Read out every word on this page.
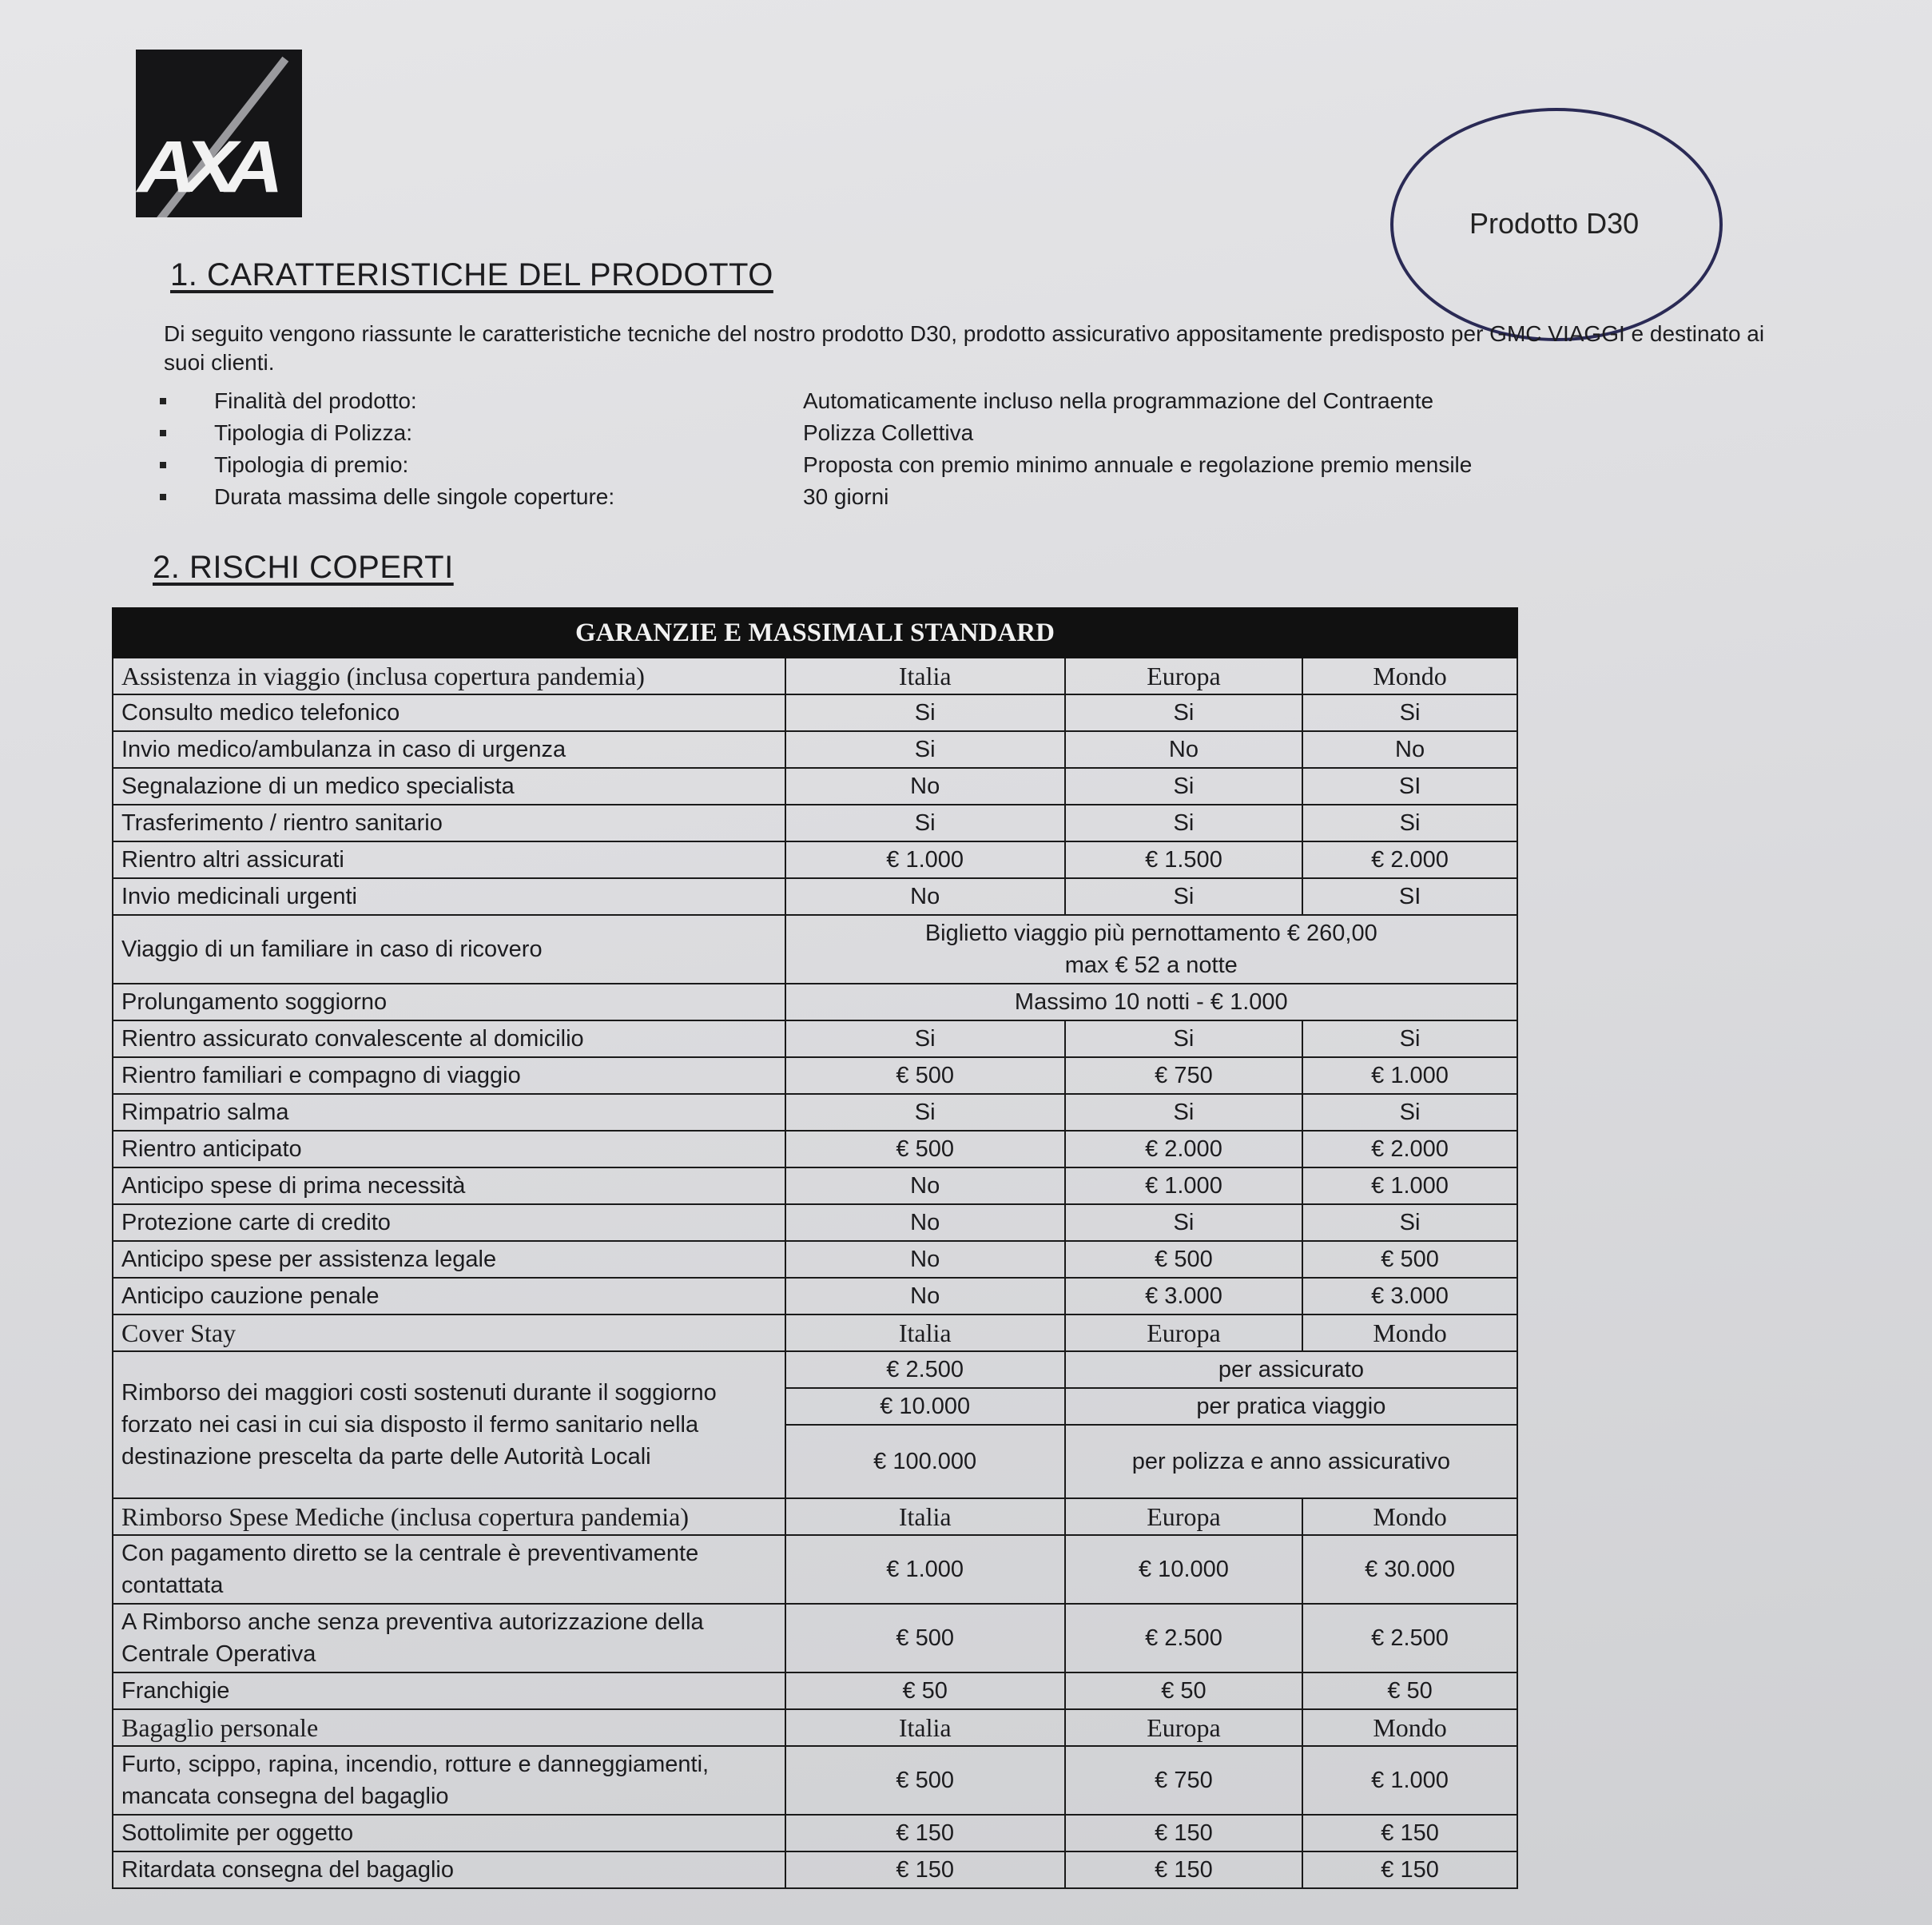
AXA
Prodotto D30
1. CARATTERISTICHE DEL PRODOTTO
Di seguito vengono riassunte le caratteristiche tecniche del nostro prodotto D30, prodotto assicurativo appositamente predisposto per GMC VIAGGI e destinato ai suoi clienti.
Finalità del prodotto:	Automaticamente incluso nella programmazione del Contraente
Tipologia di Polizza:	Polizza Collettiva
Tipologia di premio:	Proposta con premio minimo annuale e regolazione premio mensile
Durata massima delle singole coperture:	30 giorni
2. RISCHI COPERTI
GARANZIE E MASSIMALI STANDARD			
Assistenza in viaggio (inclusa copertura pandemia)	Italia	Europa	Mondo
Consulto medico telefonico	Si	Si	Si
Invio medico/ambulanza in caso di urgenza	Si	No	No
Segnalazione di un medico specialista	No	Si	SI
Trasferimento / rientro sanitario	Si	Si	Si
Rientro altri assicurati	€ 1.000	€ 1.500	€ 2.000
Invio medicinali urgenti	No	Si	SI
Viaggio di un familiare in caso di ricovero	Biglietto viaggio più pernottamento € 260,00
max € 52 a notte		

Prolungamento soggiorno	Massimo 10 notti - € 1.000		

Rientro assicurato convalescente al domicilio	Si	Si	Si
Rientro familiari e compagno di viaggio	€ 500	€ 750	€ 1.000
Rimpatrio salma	Si	Si	Si
Rientro anticipato	€ 500	€ 2.000	€ 2.000
Anticipo spese di prima necessità	No	€ 1.000	€ 1.000
Protezione carte di credito	No	Si	Si
Anticipo spese per assistenza legale	No	€ 500	€ 500
Anticipo cauzione penale	No	€ 3.000	€ 3.000
Cover Stay	Italia	Europa	Mondo
Rimborso dei maggiori costi sostenuti durante il soggiorno forzato nei casi in cui sia disposto il fermo sanitario nella destinazione prescelta da parte delle Autorità Locali	€ 2.500	per assicurato	
	€ 10.000	per pratica viaggio	
	€ 100.000	per polizza e anno assicurativo	
Rimborso Spese Mediche (inclusa copertura pandemia)	Italia	Europa	Mondo
Con pagamento diretto se la centrale è preventivamente contattata	€ 1.000	€ 10.000	€ 30.000
A Rimborso anche senza preventiva autorizzazione della Centrale Operativa	€ 500	€ 2.500	€ 2.500
Franchigie	€ 50	€ 50	€ 50
Bagaglio personale	Italia	Europa	Mondo
Furto, scippo, rapina, incendio, rotture e danneggiamenti, mancata consegna del bagaglio	€ 500	€ 750	€ 1.000
Sottolimite per oggetto	€ 150	€ 150	€ 150
Ritardata consegna del bagaglio	€ 150	€ 150	€ 150
